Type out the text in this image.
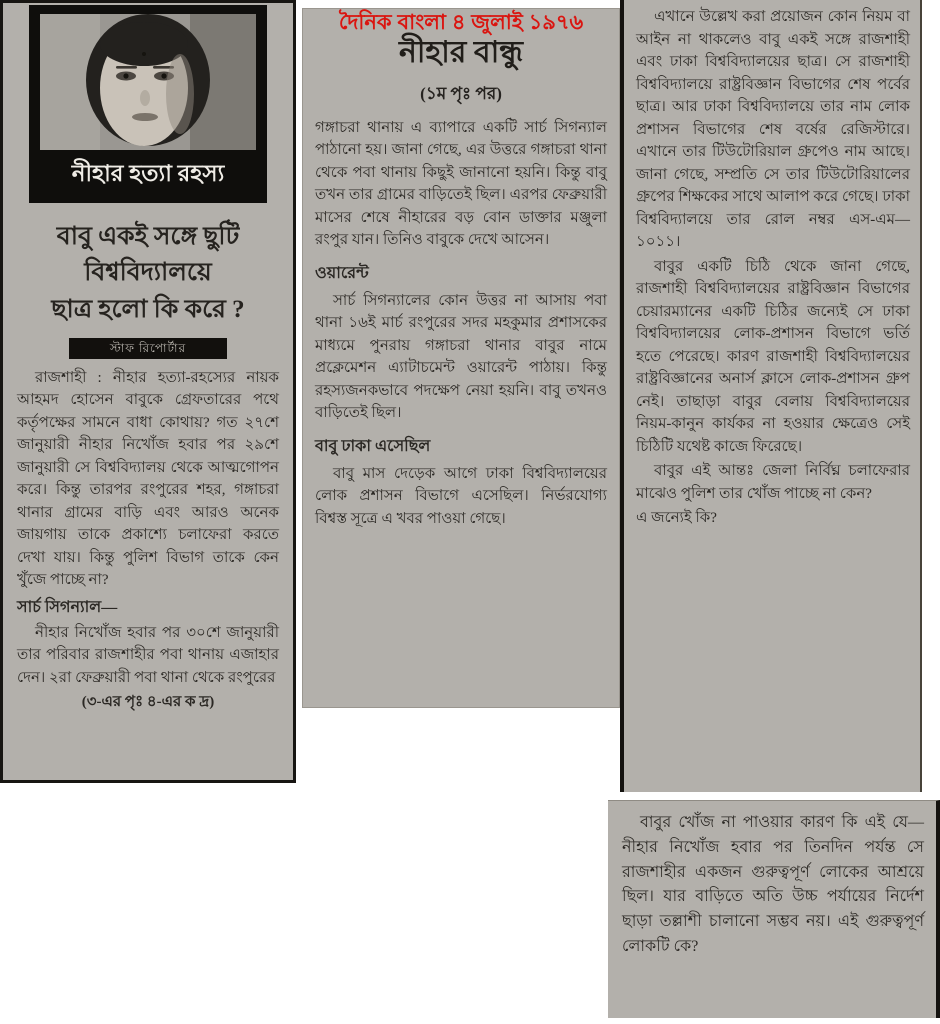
নীহার হত্যা রহস্য
বাবু একই সঙ্গে ছুটি
বিশ্ববিদ্যালয়ে
ছাত্র হলো কি করে ?
স্টাফ রিপোর্টার

রাজশাহী : নীহার হত্যা-রহস্যের নায়ক আহমদ হোসেন বাবুকে গ্রেফতারের পথে কর্তৃপক্ষের সামনে বাধা কোথায়? গত ২৭শে জানুয়ারী নীহার নিখোঁজ হবার পর ২৯শে জানুয়ারী সে বিশ্ববিদ্যালয় থেকে আত্মগোপন করে। কিন্তু তারপর রংপুরের শহর, গঙ্গাচরা থানার গ্রামের বাড়ি এবং আরও অনেক জায়গায় তাকে প্রকাশ্যে চলাফেরা করতে দেখা যায়। কিন্তু পুলিশ বিভাগ তাকে কেন খুঁজে পাচ্ছে না?

সার্চ সিগন্যাল—

নীহার নিখোঁজ হবার পর ৩০শে জানুয়ারী তার পরিবার রাজশাহীর পবা থানায় এজাহার দেন। ২রা ফেব্রুয়ারী পবা থানা থেকে রংপুরের

(৩-এর পৃঃ ৪-এর ক দ্র)
দৈনিক বাংলা ৪ জুলাই ১৯৭৬
নীহার বান্ধু
(১ম পৃঃ পর)

গঙ্গাচরা থানায় এ ব্যাপারে একটি সার্চ সিগন্যাল পাঠানো হয়। জানা গেছে, এর উত্তরে গঙ্গাচরা থানা থেকে পবা থানায় কিছুই জানানো হয়নি। কিন্তু বাবু তখন তার গ্রামের বাড়িতেই ছিল। এরপর ফেব্রুয়ারী মাসের শেষে নীহারের বড় বোন ডাক্তার মঞ্জুলা রংপুর যান। তিনিও বাবুকে দেখে আসেন।

ওয়ারেন্ট

সার্চ সিগন্যালের কোন উত্তর না আসায় পবা থানা ১৬ই মার্চ রংপুরের সদর মহকুমার প্রশাসকের মাধ্যমে পুনরায় গঙ্গাচরা থানার বাবুর নামে প্রক্লেমেশন এ্যাটাচমেন্ট ওয়ারেন্ট পাঠায়। কিন্তু রহস্যজনকভাবে পদক্ষেপ নেয়া হয়নি। বাবু তখনও বাড়িতেই ছিল।

বাবু ঢাকা এসেছিল

বাবু মাস দেড়েক আগে ঢাকা বিশ্ববিদ্যালয়ের লোক প্রশাসন বিভাগে এসেছিল। নির্ভরযোগ্য বিশ্বস্ত সূত্রে এ খবর পাওয়া গেছে।

এখানে উল্লেখ করা প্রয়োজন কোন নিয়ম বা আইন না থাকলেও বাবু একই সঙ্গে রাজশাহী এবং ঢাকা বিশ্ববিদ্যালয়ের ছাত্র। সে রাজশাহী বিশ্ববিদ্যালয়ে রাষ্ট্রবিজ্ঞান বিভাগের শেষ পর্বের ছাত্র। আর ঢাকা বিশ্ববিদ্যালয়ে তার নাম লোক প্রশাসন বিভাগের শেষ বর্ষের রেজিস্টারে। এখানে তার টিউটোরিয়াল গ্রুপেও নাম আছে। জানা গেছে, সম্প্রতি সে তার টিউটোরিয়ালের গ্রুপের শিক্ষকের সাথে আলাপ করে গেছে। ঢাকা বিশ্ববিদ্যালয়ে তার রোল নম্বর এস-এম—১০১১।

বাবুর একটি চিঠি থেকে জানা গেছে, রাজশাহী বিশ্ববিদ্যালয়ের রাষ্ট্রবিজ্ঞান বিভাগের চেয়ারম্যানের একটি চিঠির জন্যেই সে ঢাকা বিশ্ববিদ্যালয়ের লোক-প্রশাসন বিভাগে ভর্তি হতে পেরেছে। কারণ রাজশাহী বিশ্ববিদ্যালয়ের রাষ্ট্রবিজ্ঞানের অনার্স ক্লাসে লোক-প্রশাসন গ্রুপ নেই। তাছাড়া বাবুর বেলায় বিশ্ববিদ্যালয়ের নিয়ম-কানুন কার্যকর না হওয়ার ক্ষেত্রেও সেই চিঠিটি যথেষ্ট কাজে ফিরেছে।

বাবুর এই আন্তঃ জেলা নির্বিঘ্ন চলাফেরার মাঝেও পুলিশ তার খোঁজ পাচ্ছে না কেন?

এ জন্যেই কি?

বাবুর খোঁজ না পাওয়ার কারণ কি এই যে—নীহার নিখোঁজ হবার পর তিনদিন পর্যন্ত সে রাজশাহীর একজন গুরুত্বপূর্ণ লোকের আশ্রয়ে ছিল। যার বাড়িতে অতি উচ্চ পর্যায়ের নির্দেশ ছাড়া তল্লাশী চালানো সম্ভব নয়। এই গুরুত্বপূর্ণ লোকটি কে?
